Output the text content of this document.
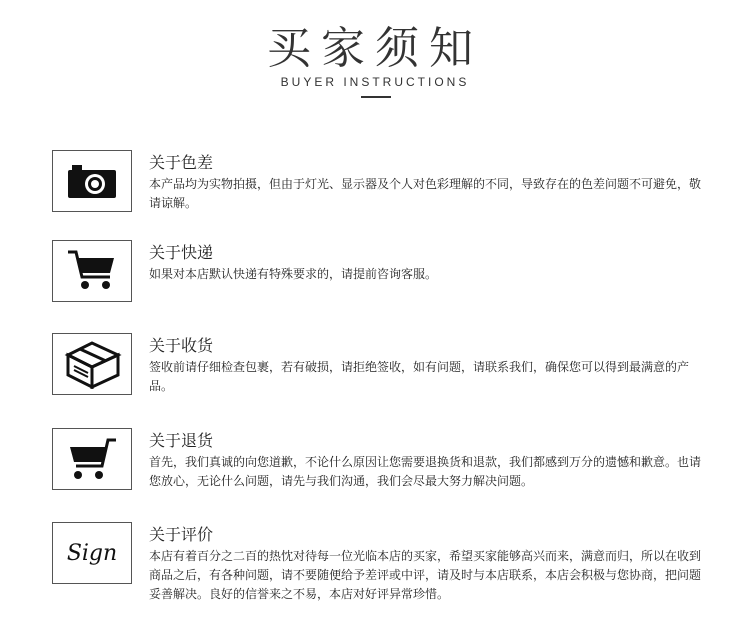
买家须知
BUYER INSTRUCTIONS
关于色差
本产品均为实物拍摄，但由于灯光、显示器及个人对色彩理解的不同，导致存在的色差问题不可避免，敬请谅解。
关于快递
如果对本店默认快递有特殊要求的，请提前咨询客服。
关于收货
签收前请仔细检查包裹，若有破损，请拒绝签收，如有问题，请联系我们，确保您可以得到最满意的产品。
关于退货
首先，我们真诚的向您道歉，不论什么原因让您需要退换货和退款，我们都感到万分的遗憾和歉意。也请您放心，无论什么问题，请先与我们沟通，我们会尽最大努力解决问题。
Sign
关于评价
本店有着百分之二百的热忱对待每一位光临本店的买家，希望买家能够高兴而来，满意而归，所以在收到商品之后，有各种问题，请不要随便给予差评或中评，请及时与本店联系，本店会积极与您协商，把问题妥善解决。良好的信誉来之不易，本店对好评异常珍惜。
